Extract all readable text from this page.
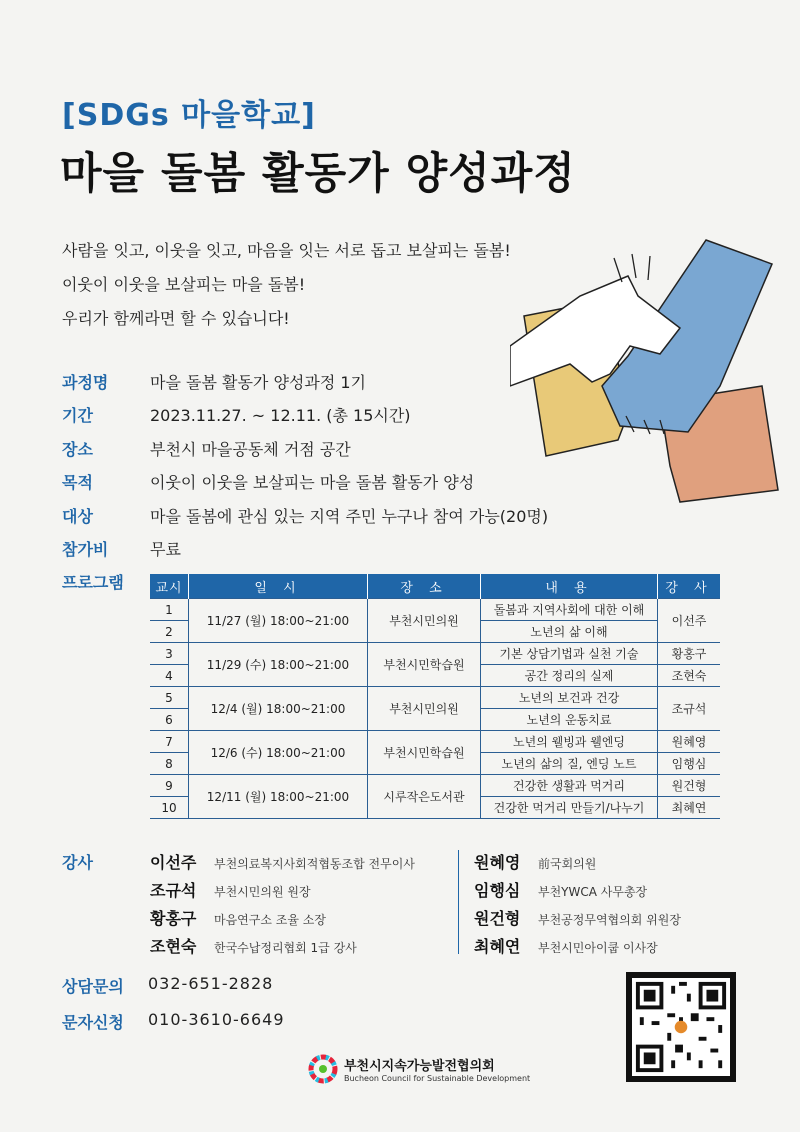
[SDGs 마을학교]
마을 돌봄 활동가 양성과정
사람을 잇고, 이웃을 잇고, 마음을 잇는 서로 돕고 보살피는 돌봄!
이웃이 이웃을 보살피는 마을 돌봄!
우리가 함께라면 할 수 있습니다!
과정명	마을 돌봄 활동가 양성과정 1기
기간	2023.11.27. ~ 12.11. (총 15시간)
장소	부천시 마을공동체 거점 공간
목적	이웃이 이웃을 보살피는 마을 돌봄 활동가 양성
대상	마을 돌봄에 관심 있는 지역 주민 누구나 참여 가능(20명)
참가비	무료
프로그램	교시	일 시	장 소	내 용	강 사
1	11/27 (월) 18:00~21:00	부천시민의원	돌봄과 지역사회에 대한 이해	이선주
2			노년의 삶 이해	
3	11/29 (수) 18:00~21:00	부천시민학습원	기본 상담기법과 실천 기술	황홍구
4			공간 정리의 실제	조현숙
5	12/4 (월) 18:00~21:00	부천시민의원	노년의 보건과 건강	조규석
6			노년의 운동치료	
7	12/6 (수) 18:00~21:00	부천시민학습원	노년의 웰빙과 웰엔딩	원혜영
8			노년의 삶의 질, 엔딩 노트	임행심
9	12/11 (월) 18:00~21:00	시루작은도서관	건강한 생활과 먹거리	원건형
10			건강한 먹거리 만들기/나누기	최혜연
강사	이선주	부천의료복지사회적협동조합 전무이사
조규석	부천시민의원 원장
황홍구	마음연구소 조율 소장
조현숙	한국수납정리협회 1급 강사
원혜영	前국회의원
임행심	부천YWCA 사무총장
원건형	부천공정무역협의회 위원장
최혜연	부천시민아이쿱 이사장
상담문의	032-651-2828
문자신청	010-3610-6649
부천시지속가능발전협의회
Bucheon Council for Sustainable Development
